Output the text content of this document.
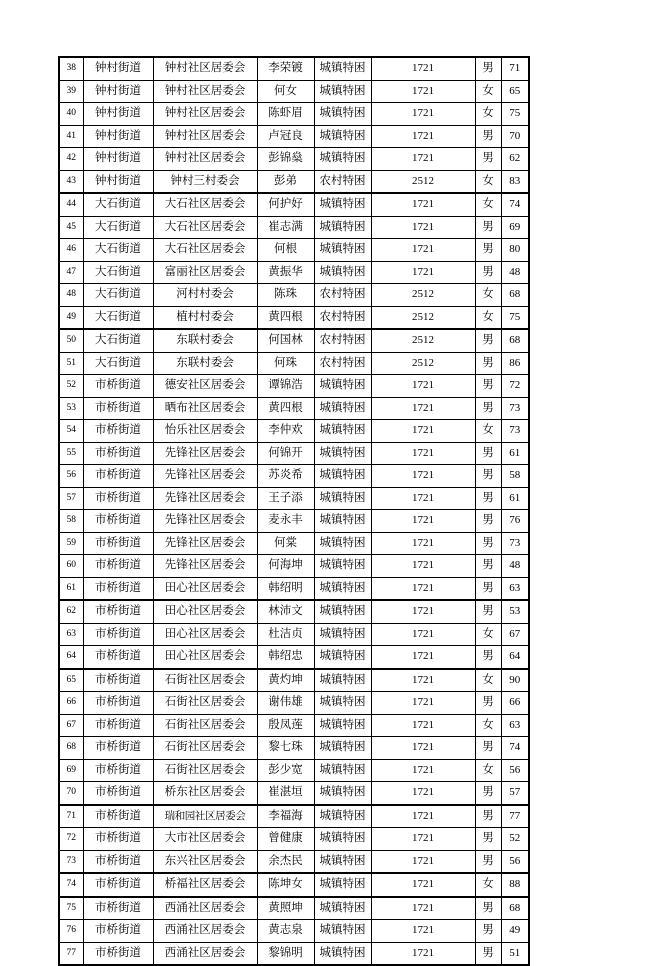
38	钟村街道	钟村社区居委会	李荣镀	城镇特困	1721	男	71
39	钟村街道	钟村社区居委会	何女	城镇特困	1721	女	65
40	钟村街道	钟村社区居委会	陈虾眉	城镇特困	1721	女	75
41	钟村街道	钟村社区居委会	卢冠良	城镇特困	1721	男	70
42	钟村街道	钟村社区居委会	彭锦燊	城镇特困	1721	男	62
43	钟村街道	钟村三村委会	彭弟	农村特困	2512	女	83
44	大石街道	大石社区居委会	何护好	城镇特困	1721	女	74
45	大石街道	大石社区居委会	崔志满	城镇特困	1721	男	69
46	大石街道	大石社区居委会	何根	城镇特困	1721	男	80
47	大石街道	富丽社区居委会	黄振华	城镇特困	1721	男	48
48	大石街道	河村村委会	陈珠	农村特困	2512	女	68
49	大石街道	植村村委会	黄四根	农村特困	2512	女	75
50	大石街道	东联村委会	何国林	农村特困	2512	男	68
51	大石街道	东联村委会	何珠	农村特困	2512	男	86
52	市桥街道	德安社区居委会	谭锦浩	城镇特困	1721	男	72
53	市桥街道	晒布社区居委会	黄四根	城镇特困	1721	男	73
54	市桥街道	怡乐社区居委会	李仲欢	城镇特困	1721	女	73
55	市桥街道	先锋社区居委会	何锦开	城镇特困	1721	男	61
56	市桥街道	先锋社区居委会	苏炎希	城镇特困	1721	男	58
57	市桥街道	先锋社区居委会	王子添	城镇特困	1721	男	61
58	市桥街道	先锋社区居委会	麦永丰	城镇特困	1721	男	76
59	市桥街道	先锋社区居委会	何棠	城镇特困	1721	男	73
60	市桥街道	先锋社区居委会	何海坤	城镇特困	1721	男	48
61	市桥街道	田心社区居委会	韩绍明	城镇特困	1721	男	63
62	市桥街道	田心社区居委会	林沛文	城镇特困	1721	男	53
63	市桥街道	田心社区居委会	杜洁贞	城镇特困	1721	女	67
64	市桥街道	田心社区居委会	韩绍忠	城镇特困	1721	男	64
65	市桥街道	石街社区居委会	黄灼坤	城镇特困	1721	女	90
66	市桥街道	石街社区居委会	谢伟雄	城镇特困	1721	男	66
67	市桥街道	石街社区居委会	殷凤莲	城镇特困	1721	女	63
68	市桥街道	石街社区居委会	黎七珠	城镇特困	1721	男	74
69	市桥街道	石街社区居委会	彭少宽	城镇特困	1721	女	56
70	市桥街道	桥东社区居委会	崔湛垣	城镇特困	1721	男	57
71	市桥街道	瑞和园社区居委会	李福海	城镇特困	1721	男	77
72	市桥街道	大市社区居委会	曾健康	城镇特困	1721	男	52
73	市桥街道	东兴社区居委会	余杰民	城镇特困	1721	男	56
74	市桥街道	桥福社区居委会	陈坤女	城镇特困	1721	女	88
75	市桥街道	西涌社区居委会	黄照坤	城镇特困	1721	男	68
76	市桥街道	西涌社区居委会	黄志泉	城镇特困	1721	男	49
77	市桥街道	西涌社区居委会	黎锦明	城镇特困	1721	男	51
